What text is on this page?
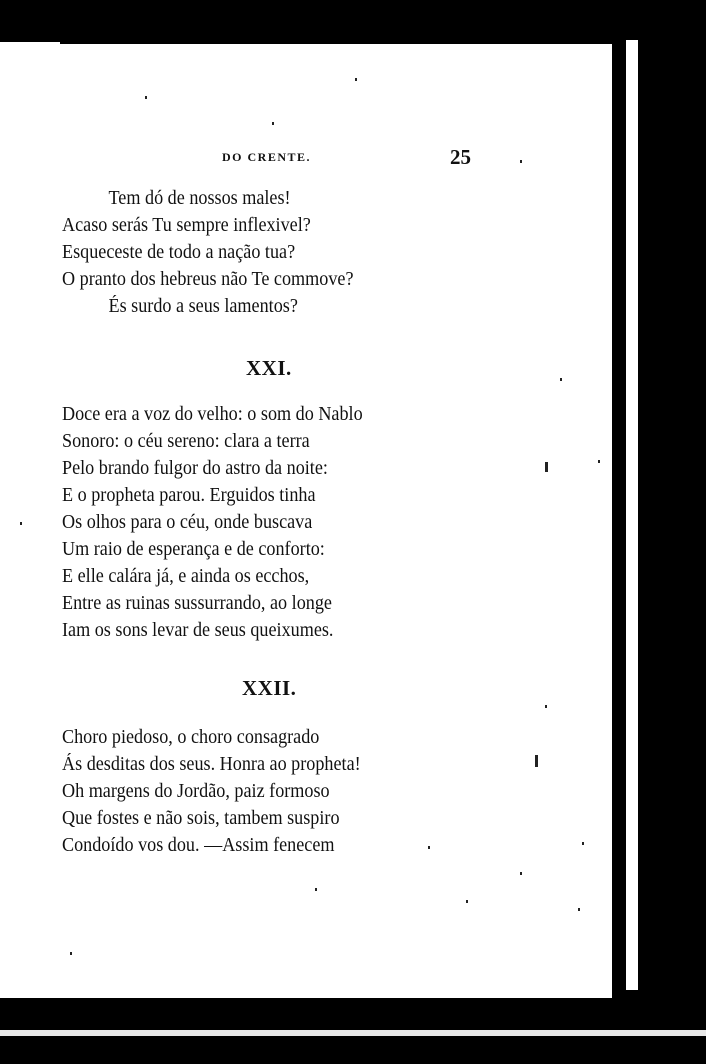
DO CRENTE.	25
Tem dó de nossos males!
Acaso serás Tu sempre inflexivel?
Esqueceste de todo a nação tua?
O pranto dos hebreus não Te commove?
És surdo a seus lamentos?
XXI.
Doce era a voz do velho: o som do Nablo
Sonoro: o céu sereno: clara a terra
Pelo brando fulgor do astro da noite:
E o propheta parou. Erguidos tinha
Os olhos para o céu, onde buscava
Um raio de esperança e de conforto:
E elle calára já, e ainda os ecchos,
Entre as ruinas sussurrando, ao longe
Iam os sons levar de seus queixumes.
XXII.
Choro piedoso, o choro consagrado
Ás desditas dos seus. Honra ao propheta!
Oh margens do Jordão, paiz formoso
Que fostes e não sois, tambem suspiro
Condoído vos dou. —Assim fenecem
